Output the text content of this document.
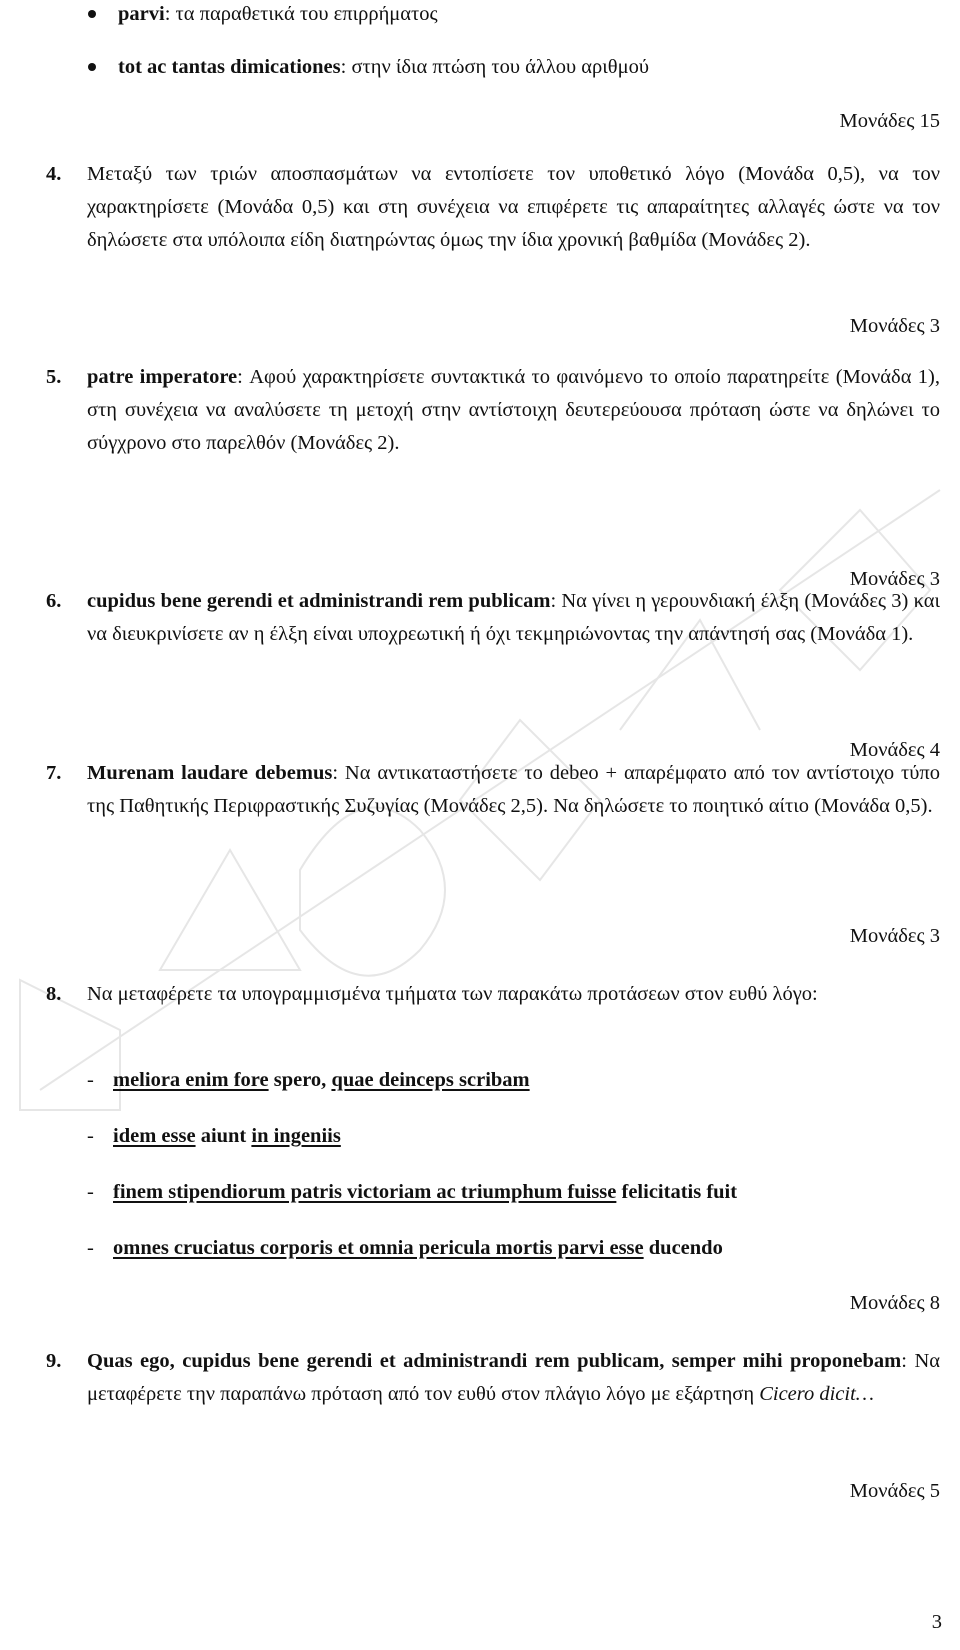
parvi: τα παραθετικά του επιρρήματος
tot ac tantas dimicationes: στην ίδια πτώση του άλλου αριθμού
Μονάδες 15
4. Μεταξύ των τριών αποσπασμάτων να εντοπίσετε τον υποθετικό λόγο (Μονάδα 0,5), να τον χαρακτηρίσετε (Μονάδα 0,5) και στη συνέχεια να επιφέρετε τις απαραίτητες αλλαγές ώστε να τον δηλώσετε στα υπόλοιπα είδη διατηρώντας όμως την ίδια χρονική βαθμίδα (Μονάδες 2).
Μονάδες 3
5. patre imperatore: Αφού χαρακτηρίσετε συντακτικά το φαινόμενο το οποίο παρατηρείτε (Μονάδα 1), στη συνέχεια να αναλύσετε τη μετοχή στην αντίστοιχη δευτερεύουσα πρόταση ώστε να δηλώνει το σύγχρονο στο παρελθόν (Μονάδες 2).
Μονάδες 3
6. cupidus bene gerendi et administrandi rem publicam: Να γίνει η γερουνδιακή έλξη (Μονάδες 3) και να διευκρινίσετε αν η έλξη είναι υποχρεωτική ή όχι τεκμηριώνοντας την απάντησή σας (Μονάδα 1).
Μονάδες 4
7. Murenam laudare debemus: Να αντικαταστήσετε το debeo + απαρέμφατο από τον αντίστοιχο τύπο της Παθητικής Περιφραστικής Συζυγίας (Μονάδες 2,5). Να δηλώσετε το ποιητικό αίτιο (Μονάδα 0,5).
Μονάδες 3
8. Να μεταφέρετε τα υπογραμμισμένα τμήματα των παρακάτω προτάσεων στον ευθύ λόγο:
- meliora enim fore spero, quae deinceps scribam
- idem esse aiunt in ingeniis
- finem stipendiorum patris victoriam ac triumphum fuisse felicitatis fuit
- omnes cruciatus corporis et omnia pericula mortis parvi esse ducendo
Μονάδες 8
9. Quas ego, cupidus bene gerendi et administrandi rem publicam, semper mihi proponebam: Να μεταφέρετε την παραπάνω πρόταση από τον ευθύ στον πλάγιο λόγο με εξάρτηση Cicero dicit…
Μονάδες 5
3
